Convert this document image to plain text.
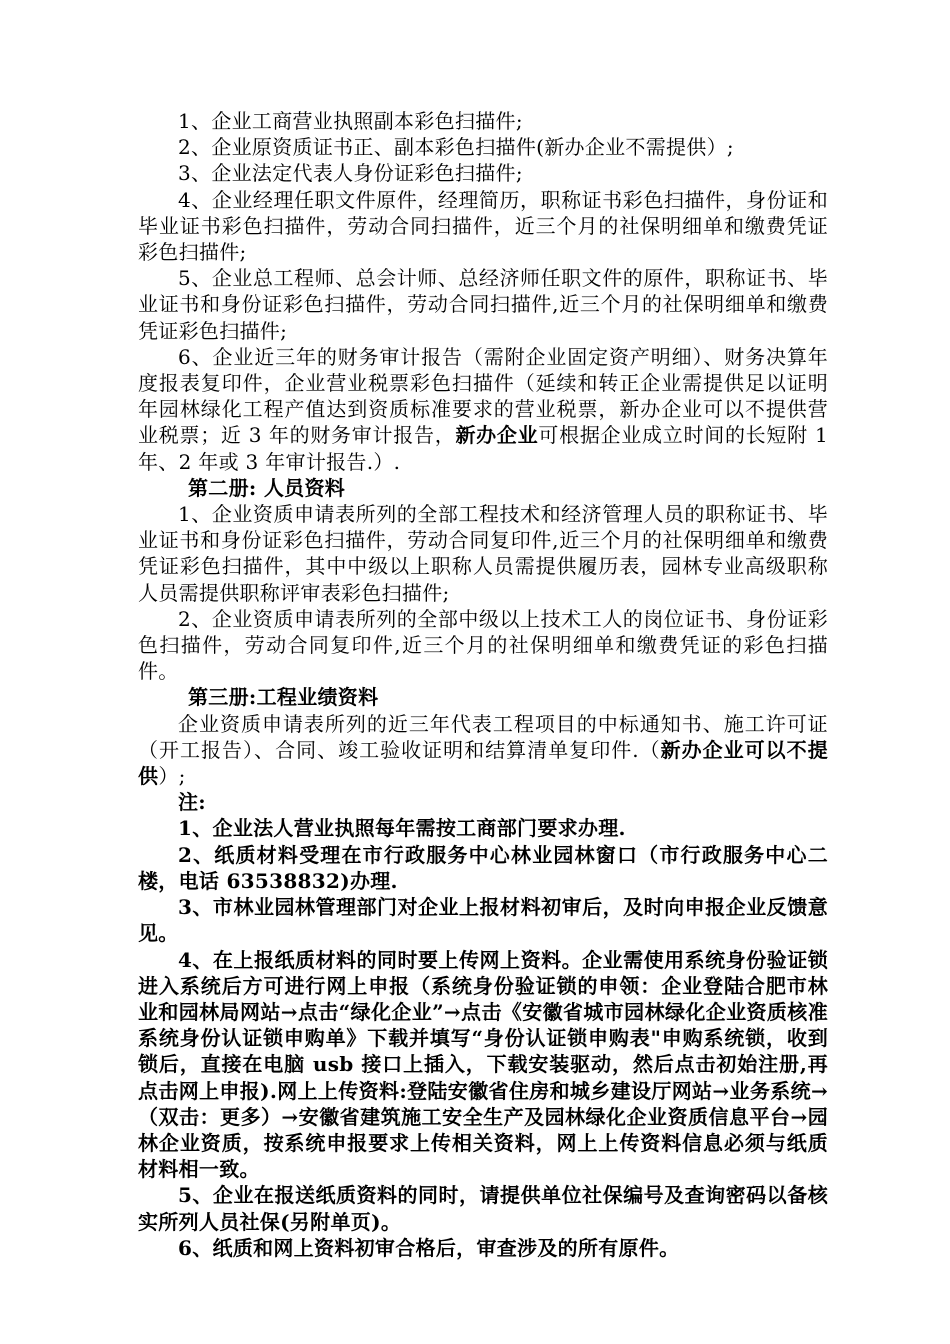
1、企业工商营业执照副本彩色扫描件;

2、企业原资质证书正、副本彩色扫描件(新办企业不需提供）;

3、企业法定代表人身份证彩色扫描件;

4、企业经理任职文件原件，经理简历，职称证书彩色扫描件，身份证和毕业证书彩色扫描件，劳动合同扫描件，近三个月的社保明细单和缴费凭证彩色扫描件;

5、企业总工程师、总会计师、总经济师任职文件的原件，职称证书、毕业证书和身份证彩色扫描件，劳动合同扫描件,近三个月的社保明细单和缴费凭证彩色扫描件;

6、企业近三年的财务审计报告（需附企业固定资产明细）、财务决算年度报表复印件，企业营业税票彩色扫描件（延续和转正企业需提供足以证明年园林绿化工程产值达到资质标准要求的营业税票，新办企业可以不提供营业税票；近 3 年的财务审计报告，新办企业可根据企业成立时间的长短附 1 年、2 年或 3 年审计报告.）.

第二册: 人员资料

1、企业资质申请表所列的全部工程技术和经济管理人员的职称证书、毕业证书和身份证彩色扫描件，劳动合同复印件,近三个月的社保明细单和缴费凭证彩色扫描件，其中中级以上职称人员需提供履历表，园林专业高级职称人员需提供职称评审表彩色扫描件;

2、企业资质申请表所列的全部中级以上技术工人的岗位证书、身份证彩色扫描件，劳动合同复印件,近三个月的社保明细单和缴费凭证的彩色扫描件。

第三册:工程业绩资料

企业资质申请表所列的近三年代表工程项目的中标通知书、施工许可证（开工报告）、合同、竣工验收证明和结算清单复印件.（新办企业可以不提供）;

注:

1、企业法人营业执照每年需按工商部门要求办理.

2、纸质材料受理在市行政服务中心林业园林窗口（市行政服务中心二楼，电话 63538832)办理.

3、市林业园林管理部门对企业上报材料初审后，及时向申报企业反馈意见。

4、在上报纸质材料的同时要上传网上资料。企业需使用系统身份验证锁进入系统后方可进行网上申报（系统身份验证锁的申领：企业登陆合肥市林业和园林局网站→点击“绿化企业”→点击《安徽省城市园林绿化企业资质核准系统身份认证锁申购单》下载并填写“身份认证锁申购表"申购系统锁，收到锁后，直接在电脑 usb 接口上插入，下载安装驱动，然后点击初始注册,再点击网上申报).网上上传资料:登陆安徽省住房和城乡建设厅网站→业务系统→（双击：更多）→安徽省建筑施工安全生产及园林绿化企业资质信息平台→园林企业资质，按系统申报要求上传相关资料，网上上传资料信息必须与纸质材料相一致。

5、企业在报送纸质资料的同时，请提供单位社保编号及查询密码以备核实所列人员社保(另附单页)。

6、纸质和网上资料初审合格后，审查涉及的所有原件。
